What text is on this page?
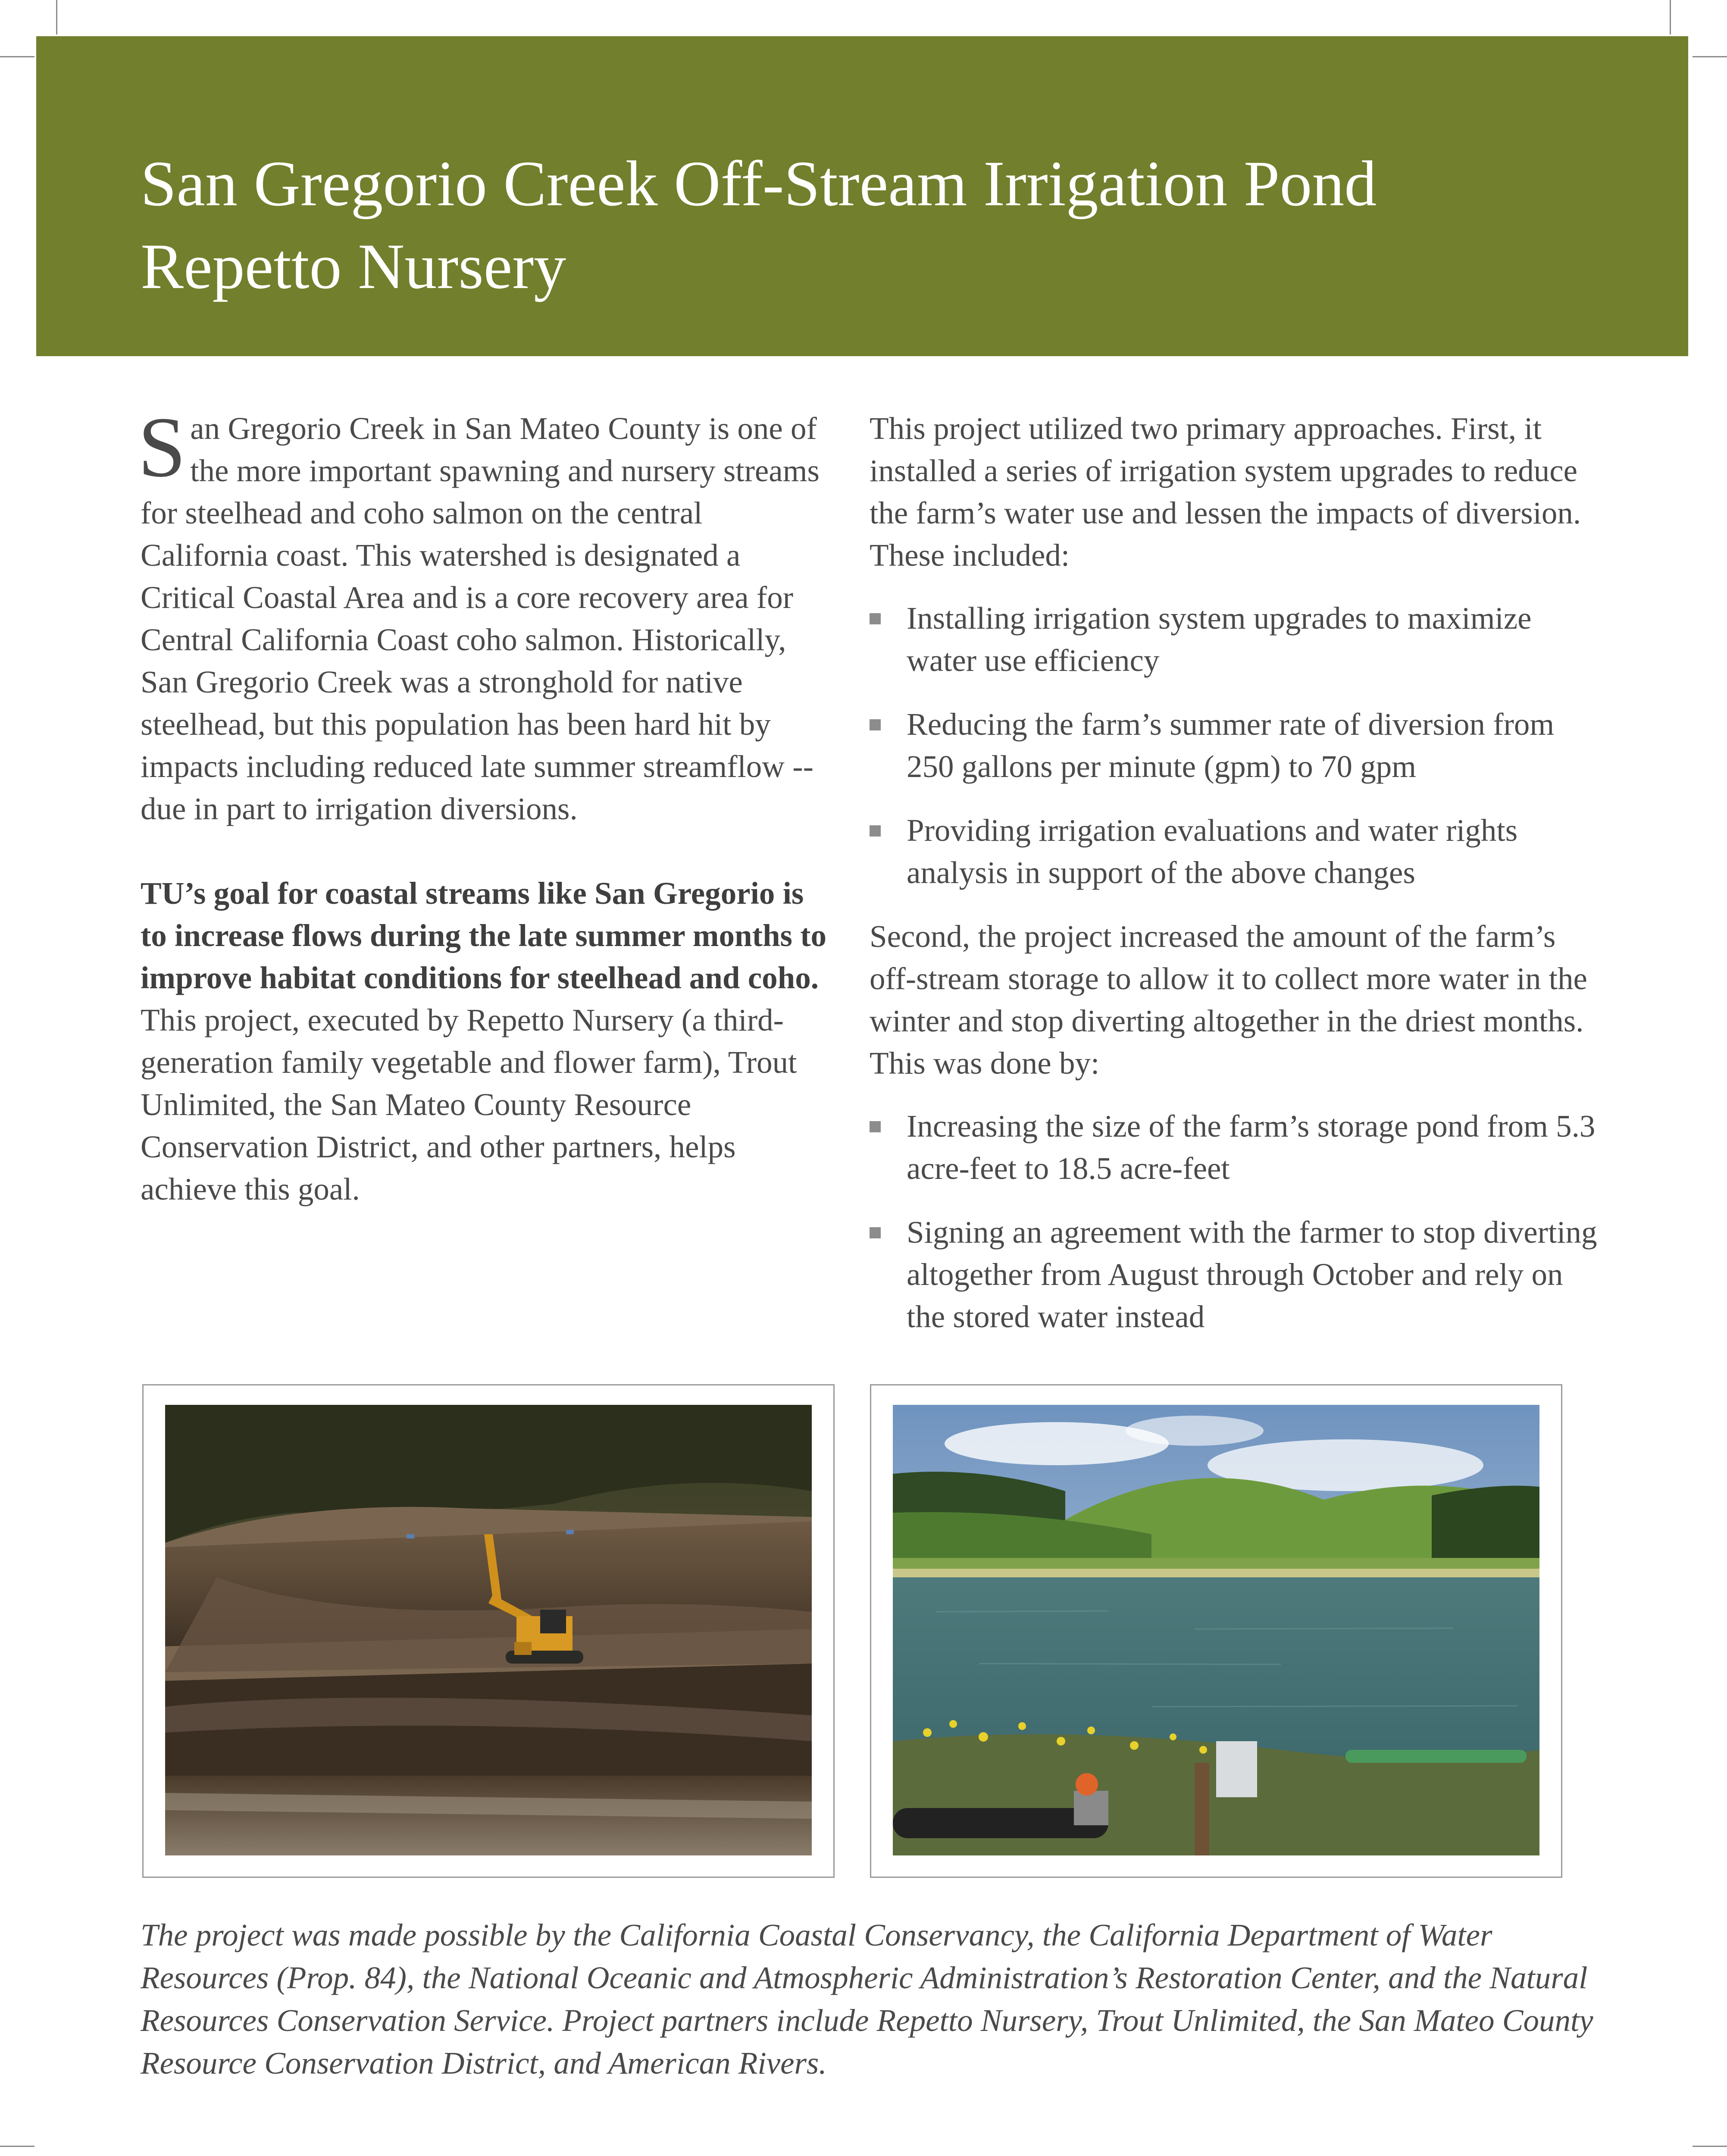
San Gregorio Creek Off-Stream Irrigation Pond
Repetto Nursery

San Gregorio Creek in San Mateo County is one of the more important spawning and nursery streams for steelhead and coho salmon on the central California coast. This watershed is designated a Critical Coastal Area and is a core recovery area for Central California Coast coho salmon. Historically, San Gregorio Creek was a stronghold for native steelhead, but this population has been hard hit by impacts including reduced late summer streamflow -- due in part to irrigation diversions.

TU’s goal for coastal streams like San Gregorio is to increase flows during the late summer months to improve habitat conditions for steelhead and coho. This project, executed by Repetto Nursery (a third-generation family vegetable and flower farm), Trout Unlimited, the San Mateo County Resource Conservation District, and other partners, helps achieve this goal.

This project utilized two primary approaches. First, it installed a series of irrigation system upgrades to reduce the farm’s water use and lessen the impacts of diversion. These included:

Installing irrigation system upgrades to maximize water use efficiency
Reducing the farm’s summer rate of diversion from 250 gallons per minute (gpm) to 70 gpm
Providing irrigation evaluations and water rights analysis in support of the above changes

Second, the project increased the amount of the farm’s off-stream storage to allow it to collect more water in the winter and stop diverting altogether in the driest months. This was done by:

Increasing the size of the farm’s storage pond from 5.3 acre-feet to 18.5 acre-feet
Signing an agreement with the farmer to stop diverting altogether from August through October and rely on the stored water instead

The project was made possible by the California Coastal Conservancy, the California Department of Water Resources (Prop. 84), the National Oceanic and Atmospheric Administration’s Restoration Center, and the Natural Resources Conservation Service. Project partners include Repetto Nursery, Trout Unlimited, the San Mateo County Resource Conservation District, and American Rivers.
